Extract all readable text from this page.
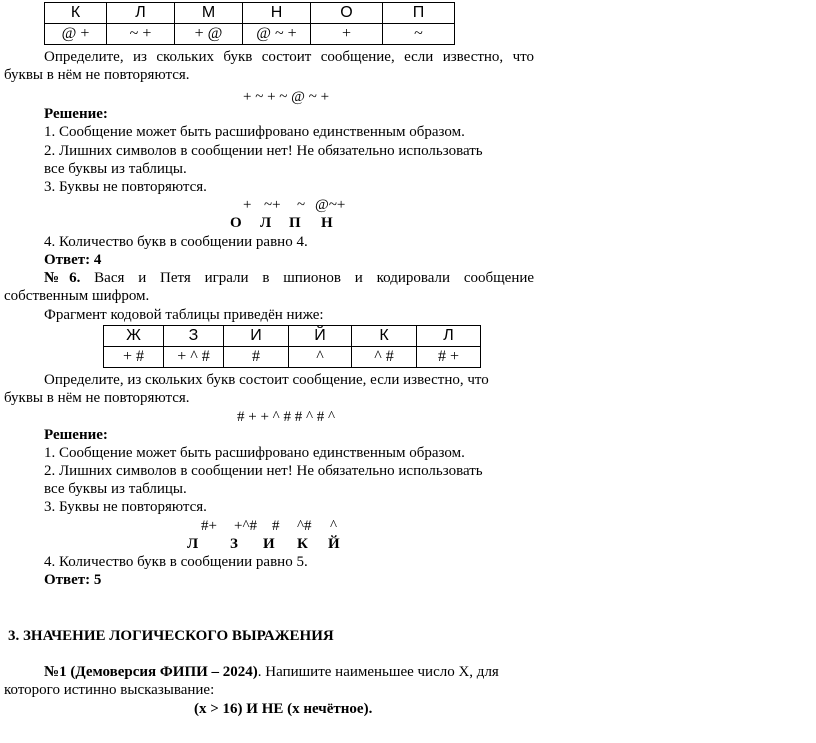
К	Л	М	Н	О	П
@ +	~ +	+ @	@ ~ +	+	~
Определите, из скольких букв состоит сообщение, если известно, что
буквы в нём не повторяются.
+ ~ + ~ @ ~ +
Решение:
1. Сообщение может быть расшифровано единственным образом.
2. Лишних символов в сообщении нет! Не обязательно использовать
все буквы из таблицы.
3. Буквы не повторяются.
+ ~+ ~ @~+
О Л П Н
4. Количество букв в сообщении равно 4.
Ответ: 4
№6. Вася и Петя играли в шпионов и кодировали сообщение
собственным шифром.
Фрагмент кодовой таблицы приведён ниже:
Ж	З	И	Й	К	Л
+ #	+ ^ #	#	^	^ #	# +
Определите, из скольких букв состоит сообщение, если известно, что
буквы в нём не повторяются.
# + + ^ # # ^ # ^
Решение:
1. Сообщение может быть расшифровано единственным образом.
2. Лишних символов в сообщении нет! Не обязательно использовать
все буквы из таблицы.
3. Буквы не повторяются.
#+ +^# # ^# ^
Л З И К Й
4. Количество букв в сообщении равно 5.
Ответ: 5
3. ЗНАЧЕНИЕ ЛОГИЧЕСКОГО ВЫРАЖЕНИЯ
№1 (Демоверсия ФИПИ – 2024). Напишите наименьшее число X, для
которого истинно высказывание:
(x > 16) И НЕ (x нечётное).
